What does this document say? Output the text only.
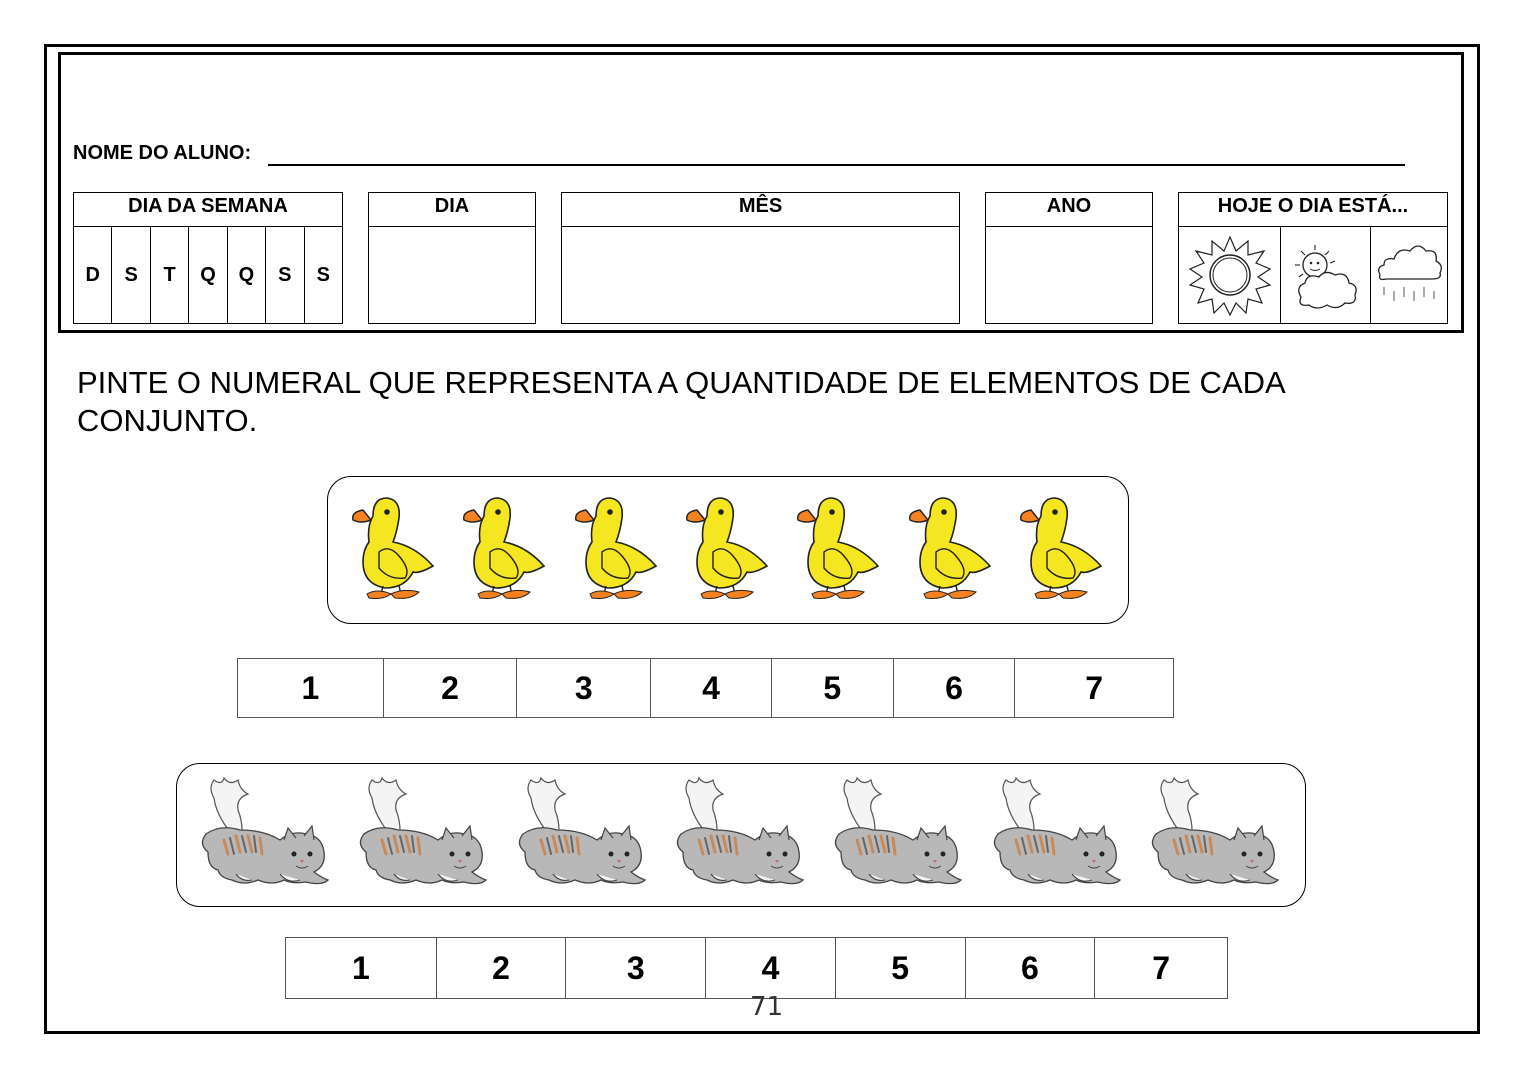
NOME DO ALUNO:
DIA DA SEMANA
D	S	T	Q	Q	S	S
DIA	MÊS	ANO	HOJE O DIA ESTÁ...
PINTE O NUMERAL QUE REPRESENTA A QUANTIDADE DE ELEMENTOS DE CADA CONJUNTO.
1	2	3	4	5	6	7
1	2	3	4	5	6	7
71
